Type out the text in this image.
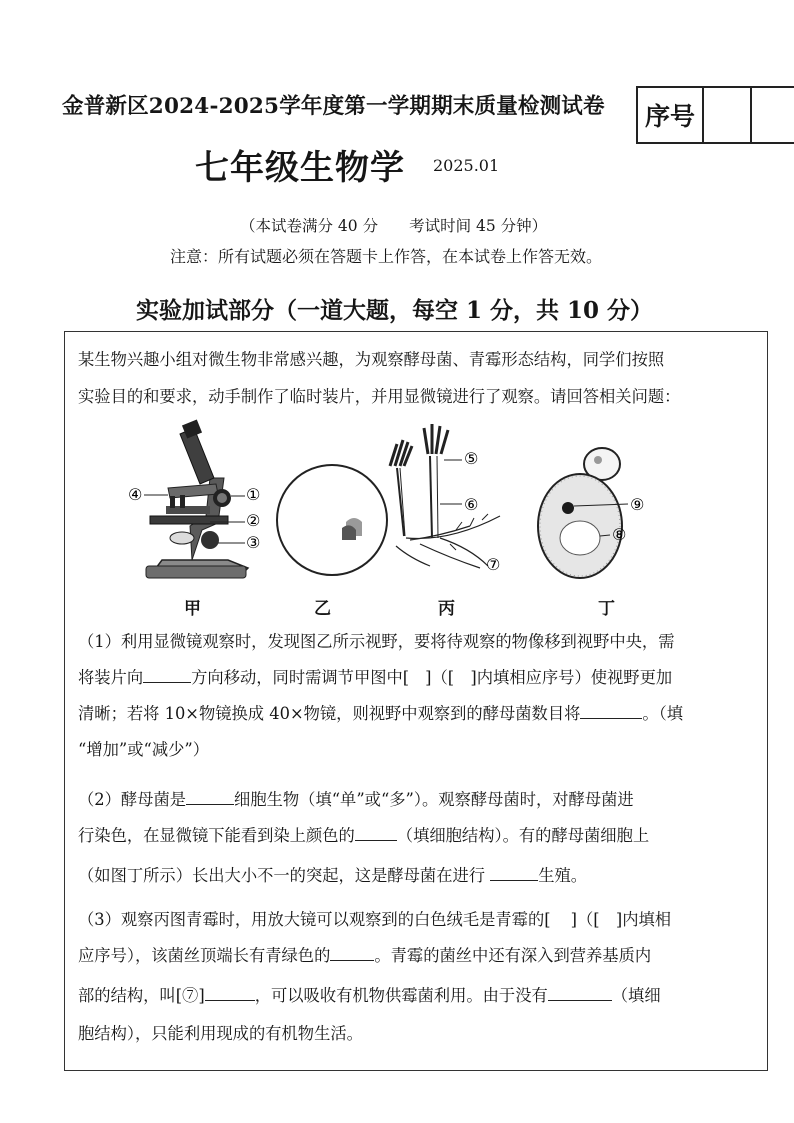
金普新区2024-2025学年度第一学期期末质量检测试卷 序号
七年级生物学 2025.01
（本试卷满分 40 分　　考试时间 45 分钟）
注意：所有试题必须在答题卡上作答，在本试卷上作答无效。
实验加试部分（一道大题，每空 1 分，共 10 分）
某生物兴趣小组对微生物非常感兴趣，为观察酵母菌、青霉形态结构，同学们按照
实验目的和要求，动手制作了临时装片，并用显微镜进行了观察。请回答相关问题：
④	①
②
③
⑤
⑥
⑦
⑨
⑧
甲	乙	丙	丁
（1）利用显微镜观察时，发现图乙所示视野，要将待观察的物像移到视野中央，需
将装片向	方向移动，同时需调节甲图中[ ]（[　]内填相应序号）使视野更加
清晰；若将 10×物镜换成 40×物镜，则视野中观察到的酵母菌数目将	。（填
“增加”或“减少”）
（2）酵母菌是	细胞生物（填“单”或“多”）。观察酵母菌时，对酵母菌进
行染色，在显微镜下能看到染上颜色的	（填细胞结构）。有的酵母菌细胞上
（如图丁所示）长出大小不一的突起，这是酵母菌在进行	生殖。
（3）观察丙图青霉时，用放大镜可以观察到的白色绒毛是青霉的[ ]（[　]内填相
应序号），该菌丝顶端长有青绿色的	。青霉的菌丝中还有深入到营养基质内
部的结构，叫[⑦]	，可以吸收有机物供霉菌利用。由于没有	（填细
胞结构），只能利用现成的有机物生活。
